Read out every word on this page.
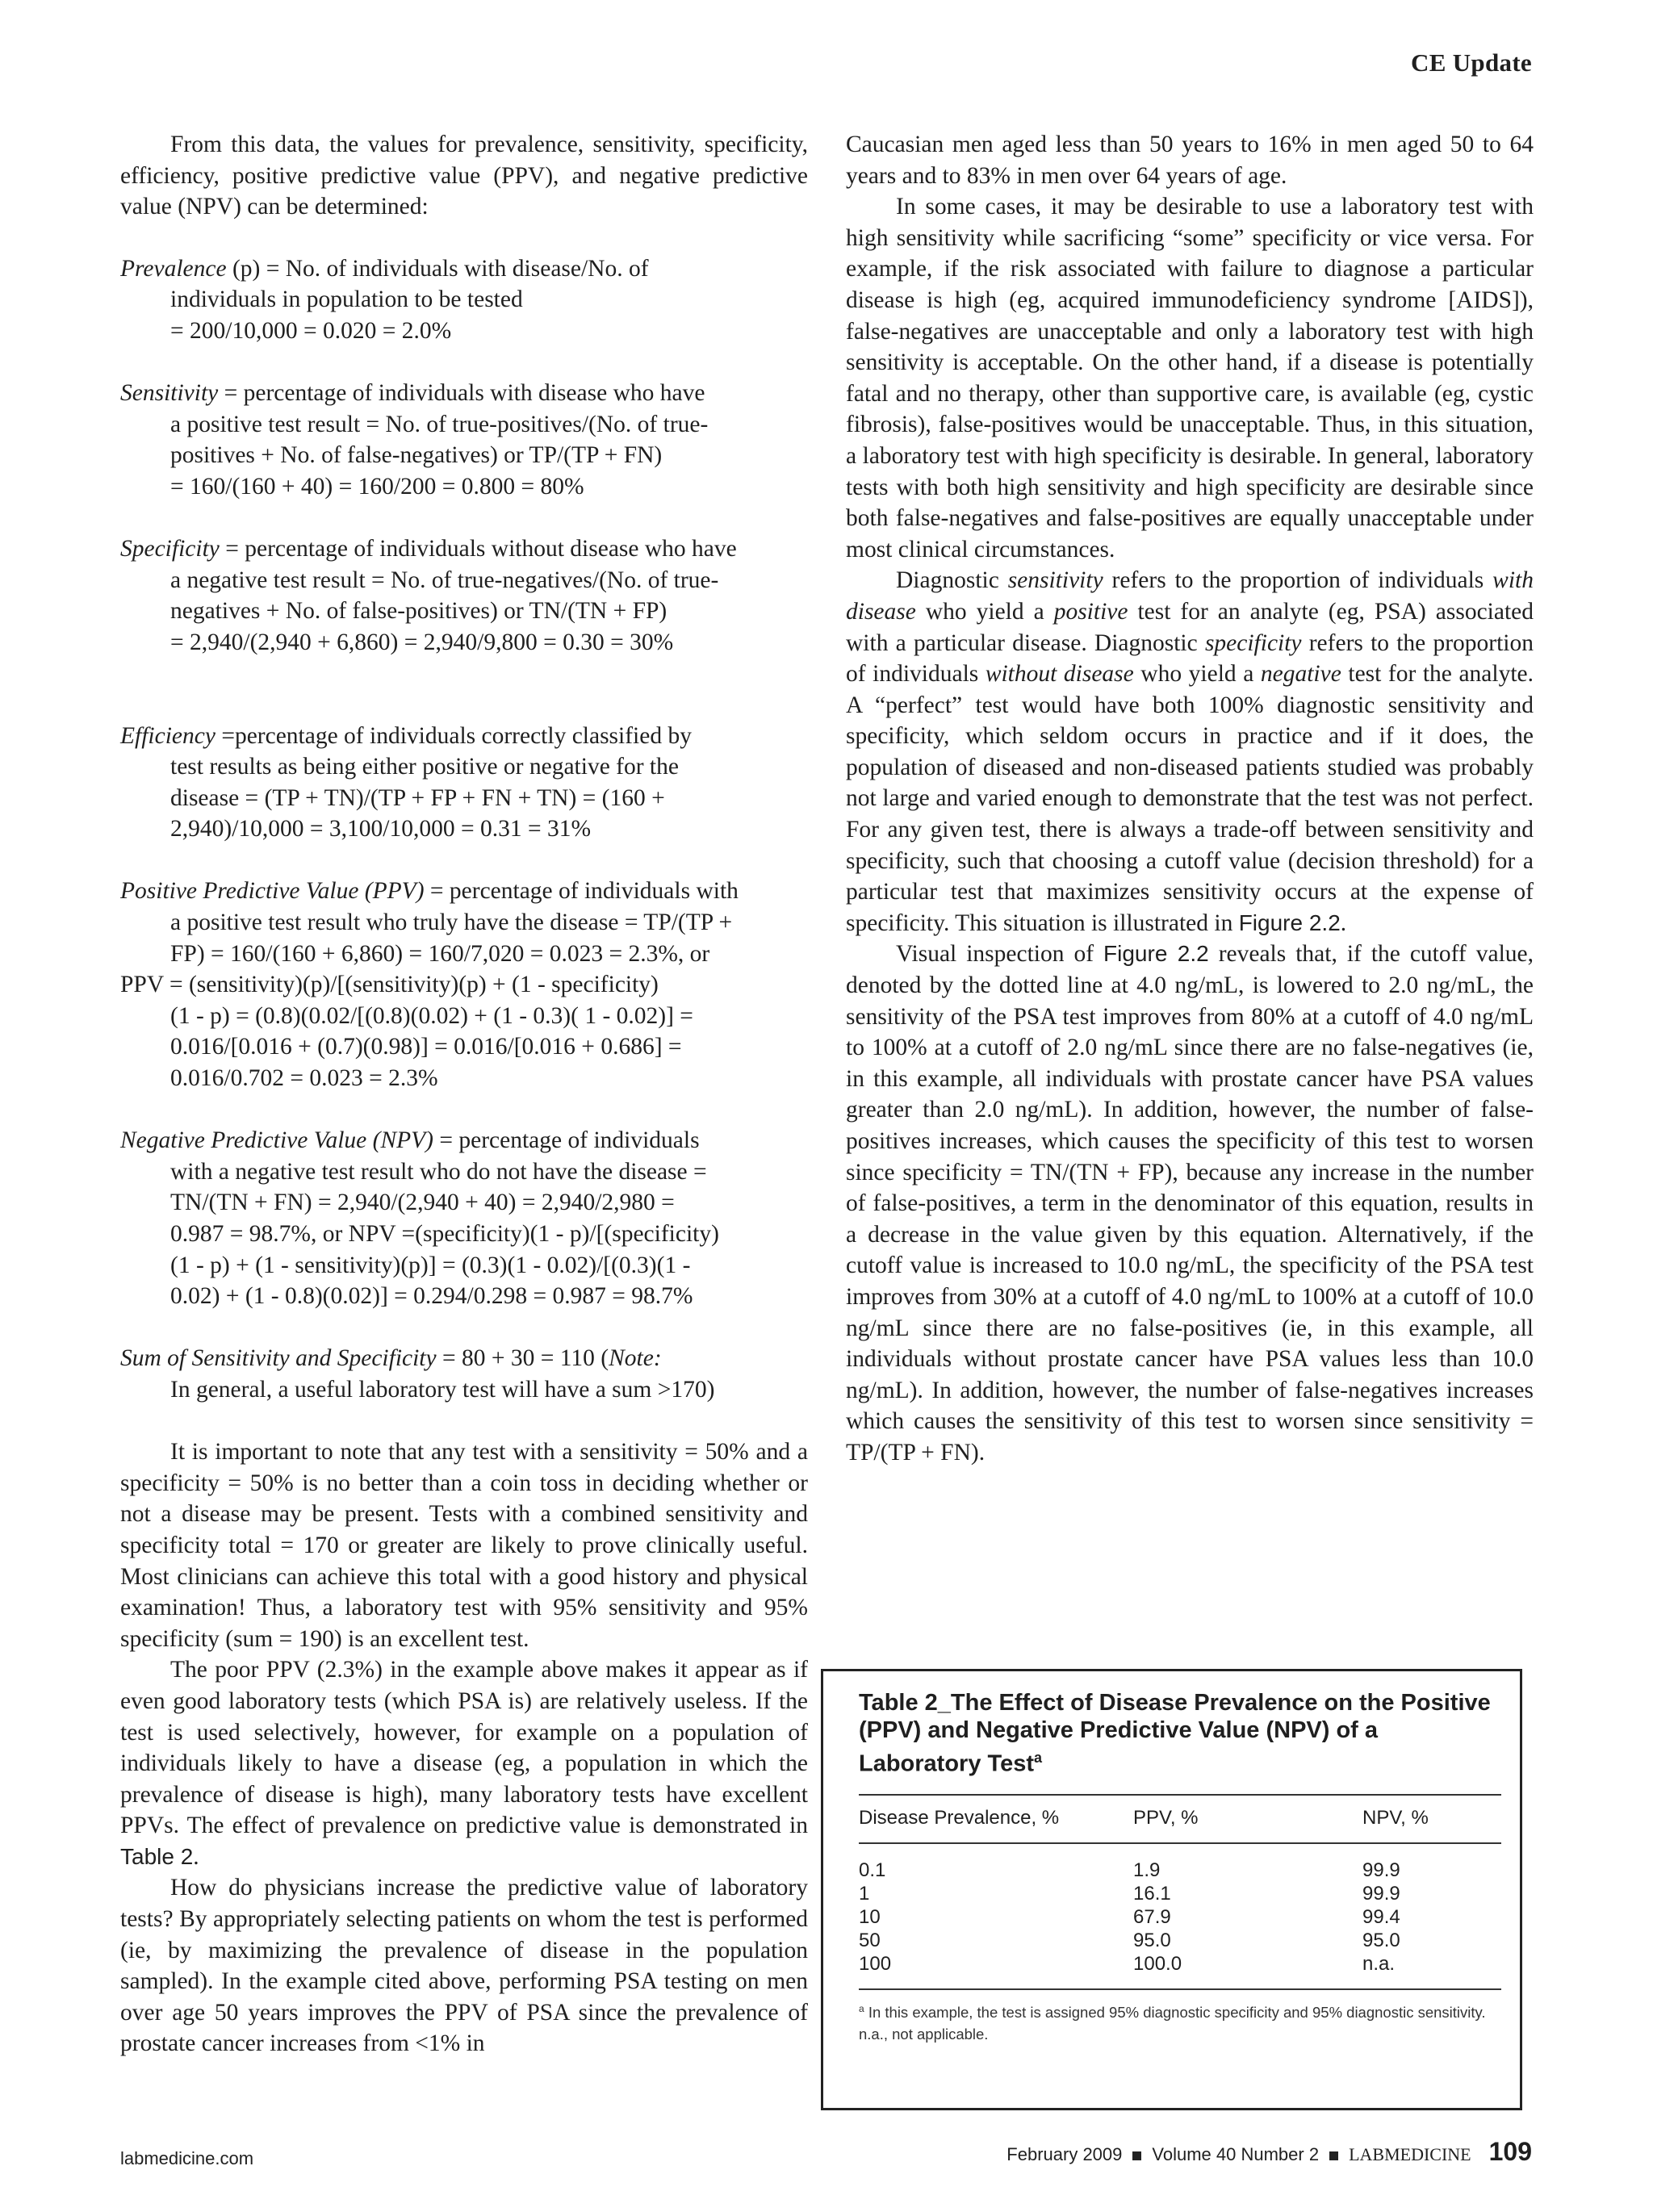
CE Update

From this data, the values for prevalence, sensitivity, specificity, efficiency, positive predictive value (PPV), and negative predictive value (NPV) can be determined:

Prevalence (p) = No. of individuals with disease/No. of
individuals in population to be tested
= 200/10,000 = 0.020 = 2.0%
Sensitivity = percentage of individuals with disease who have
a positive test result = No. of true-positives/(No. of true-
positives + No. of false-negatives) or TP/(TP + FN)
= 160/(160 + 40) = 160/200 = 0.800 = 80%
Specificity = percentage of individuals without disease who have
a negative test result = No. of true-negatives/(No. of true-
negatives + No. of false-positives) or TN/(TN + FP)
= 2,940/(2,940 + 6,860) = 2,940/9,800 = 0.30 = 30%
Efficiency =percentage of individuals correctly classified by
test results as being either positive or negative for the
disease = (TP + TN)/(TP + FP + FN + TN) = (160 +
2,940)/10,000 = 3,100/10,000 = 0.31 = 31%
Positive Predictive Value (PPV) = percentage of individuals with
a positive test result who truly have the disease = TP/(TP +
FP) = 160/(160 + 6,860) = 160/7,020 = 0.023 = 2.3%, or
PPV = (sensitivity)(p)/[(sensitivity)(p) + (1 - specificity)
(1 - p) = (0.8)(0.02/[(0.8)(0.02) + (1 - 0.3)( 1 - 0.02)] =
0.016/[0.016 + (0.7)(0.98)] = 0.016/[0.016 + 0.686] =
0.016/0.702 = 0.023 = 2.3%
Negative Predictive Value (NPV) = percentage of individuals
with a negative test result who do not have the disease =
TN/(TN + FN) = 2,940/(2,940 + 40) = 2,940/2,980 =
0.987 = 98.7%, or NPV =(specificity)(1 - p)/[(specificity)
(1 - p) + (1 - sensitivity)(p)] = (0.3)(1 - 0.02)/[(0.3)(1 -
0.02) + (1 - 0.8)(0.02)] = 0.294/0.298 = 0.987 = 98.7%
Sum of Sensitivity and Specificity = 80 + 30 = 110 (Note:
In general, a useful laboratory test will have a sum >170)

It is important to note that any test with a sensitivity = 50% and a specificity = 50% is no better than a coin toss in deciding whether or not a disease may be present. Tests with a combined sensitivity and specificity total = 170 or greater are likely to prove clinically useful. Most clinicians can achieve this total with a good history and physical examination! Thus, a laboratory test with 95% sensitivity and 95% specificity (sum = 190) is an excellent test.

The poor PPV (2.3%) in the example above makes it appear as if even good laboratory tests (which PSA is) are relatively useless. If the test is used selectively, however, for example on a population of individuals likely to have a disease (eg, a population in which the prevalence of disease is high), many laboratory tests have excellent PPVs. The effect of prevalence on predictive value is demonstrated in Table 2.

How do physicians increase the predictive value of laboratory tests? By appropriately selecting patients on whom the test is performed (ie, by maximizing the prevalence of disease in the population sampled). In the example cited above, performing PSA testing on men over age 50 years improves the PPV of PSA since the prevalence of prostate cancer increases from <1% in

Caucasian men aged less than 50 years to 16% in men aged 50 to 64 years and to 83% in men over 64 years of age.

In some cases, it may be desirable to use a laboratory test with high sensitivity while sacrificing “some” specificity or vice versa. For example, if the risk associated with failure to diagnose a particular disease is high (eg, acquired immunodeficiency syndrome [AIDS]), false-negatives are unacceptable and only a laboratory test with high sensitivity is acceptable. On the other hand, if a disease is potentially fatal and no therapy, other than supportive care, is available (eg, cystic fibrosis), false-positives would be unacceptable. Thus, in this situation, a laboratory test with high specificity is desirable. In general, laboratory tests with both high sensitivity and high specificity are desirable since both false-negatives and false-positives are equally unacceptable under most clinical circumstances.

Diagnostic sensitivity refers to the proportion of individuals with disease who yield a positive test for an analyte (eg, PSA) associated with a particular disease. Diagnostic specificity refers to the proportion of individuals without disease who yield a negative test for the analyte. A “perfect” test would have both 100% diagnostic sensitivity and specificity, which seldom occurs in practice and if it does, the population of diseased and non-diseased patients studied was probably not large and varied enough to demonstrate that the test was not perfect. For any given test, there is always a trade-off between sensitivity and specificity, such that choosing a cutoff value (decision threshold) for a particular test that maximizes sensitivity occurs at the expense of specificity. This situation is illustrated in Figure 2.2.

Visual inspection of Figure 2.2 reveals that, if the cutoff value, denoted by the dotted line at 4.0 ng/mL, is lowered to 2.0 ng/mL, the sensitivity of the PSA test improves from 80% at a cutoff of 4.0 ng/mL to 100% at a cutoff of 2.0 ng/mL since there are no false-negatives (ie, in this example, all individuals with prostate cancer have PSA values greater than 2.0 ng/mL). In addition, however, the number of false-positives increases, which causes the specificity of this test to worsen since specificity = TN/(TN + FP), because any increase in the number of false-positives, a term in the denominator of this equation, results in a decrease in the value given by this equation. Alternatively, if the cutoff value is increased to 10.0 ng/mL, the specificity of the PSA test improves from 30% at a cutoff of 4.0 ng/mL to 100% at a cutoff of 10.0 ng/mL since there are no false-positives (ie, in this example, all individuals without prostate cancer have PSA values less than 10.0 ng/mL). In addition, however, the number of false-negatives increases which causes the sensitivity of this test to worsen since sensitivity = TP/(TP + FN).

Table 2_The Effect of Disease Prevalence on the Positive (PPV) and Negative Predictive Value (NPV) of a Laboratory Test$^a$
Disease Prevalence, %	PPV, %	NPV, %
0.1	1.9	99.9
1	16.1	99.9
10	67.9	99.4
50	95.0	95.0
100	100.0	n.a.
$^a$ In this example, the test is assigned 95% diagnostic specificity and 95% diagnostic sensitivity.
n.a., not applicable.
labmedicine.com	February 2009 Volume 40 Number 2 LABMEDICINE 109
